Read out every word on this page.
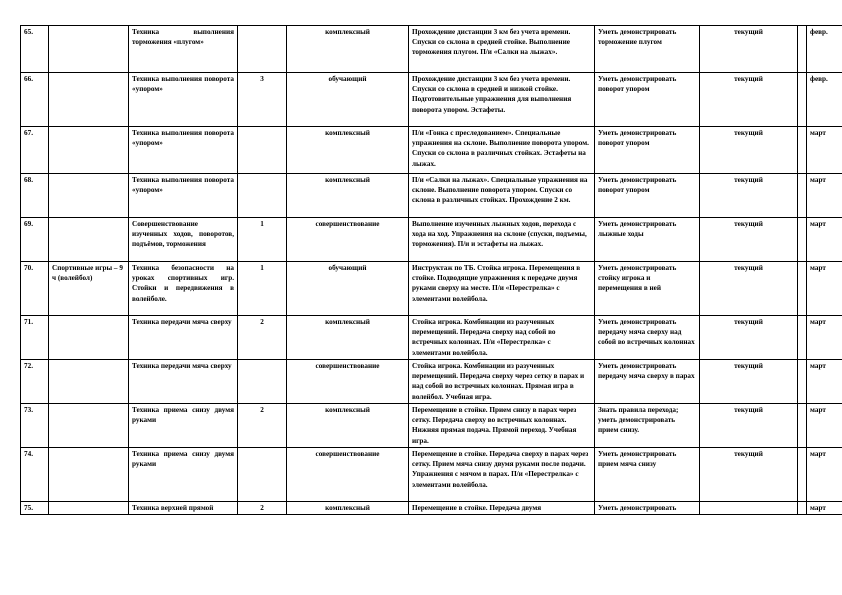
65.		Техника выполнения торможения «плугом»		комплексный	Прохождение дистанции 3 км без учета времени. Спуски со склона в средней стойке. Выполнение торможения плугом. П/и «Салки на лыжах».	Уметь демонстрировать торможение плугом	текущий		февр.
66.		Техника выполнения поворота «упором»	3	обучающий	Прохождение дистанции 3 км без учета времени. Спуски со склона в средней и низкой стойке. Подготовительные упражнения для выполнения поворота упором. Эстафеты.	Уметь демонстрировать поворот упором	текущий		февр.
67.		Техника выполнения поворота «упором»		комплексный	П/и «Гонка с преследованием». Специальные упражнения на склоне. Выполнение поворота упором. Спуски со склона в различных стойках. Эстафеты на лыжах.	Уметь демонстрировать поворот упором	текущий		март
68.		Техника выполнения поворота «упором»		комплексный	П/и «Салки на лыжах». Специальные упражнения на склоне. Выполнение поворота упором. Спуски со склона в различных стойках. Прохождение 2 км.	Уметь демонстрировать поворот упором	текущий		март
69.		Совершенствование изученных ходов, поворотов, подъёмов, торможения	1	совершенствование	Выполнение изученных лыжных ходов, перехода с хода на ход. Упражнения на склоне (спуски, подъемы, торможения). П/и и эстафеты на лыжах.	Уметь демонстрировать лыжные ходы	текущий		март
70.	Спортивные игры – 9 ч (волейбол)	Техника безопасности на уроках спортивных игр. Стойки и передвижения в волейболе.	1	обучающий	Инструктаж по ТБ. Стойка игрока. Перемещения в стойке. Подводящие упражнения к передаче двумя руками сверху на месте. П/и «Перестрелка» с элементами волейбола.	Уметь демонстрировать стойку игрока и перемещения в ней	текущий		март
71.		Техника передачи мяча сверху	2	комплексный	Стойка игрока. Комбинации из разученных перемещений. Передача сверху над собой во встречных колоннах. П/и «Перестрелка» с элементами волейбола.	Уметь демонстрировать передачу мяча сверху над собой во встречных колоннах	текущий		март
72.		Техника передачи мяча сверху		совершенствование	Стойка игрока. Комбинации из разученных перемещений. Передача сверху через сетку в парах и над собой во встречных колоннах. Прямая игра в волейбол. Учебная игра.	Уметь демонстрировать передачу мяча сверху в парах	текущий		март
73.		Техника приема снизу двумя руками	2	комплексный	Перемещение в стойке. Прием снизу в парах через сетку. Передача сверху во встречных колоннах. Нижняя прямая подача. Прямой переход. Учебная игра.	Знать правила перехода; уметь демонстрировать прием снизу.	текущий		март
74.		Техника приема снизу двумя руками		совершенствование	Перемещение в стойке. Передача сверху в парах через сетку. Прием мяча снизу двумя руками после подачи. Упражнения с мячом в парах. П/и «Перестрелка» с элементами волейбола.	Уметь демонстрировать прием мяча снизу	текущий		март
75.		Техника верхней прямой	2	комплексный	Перемещение в стойке. Передача двумя	Уметь демонстрировать			март
